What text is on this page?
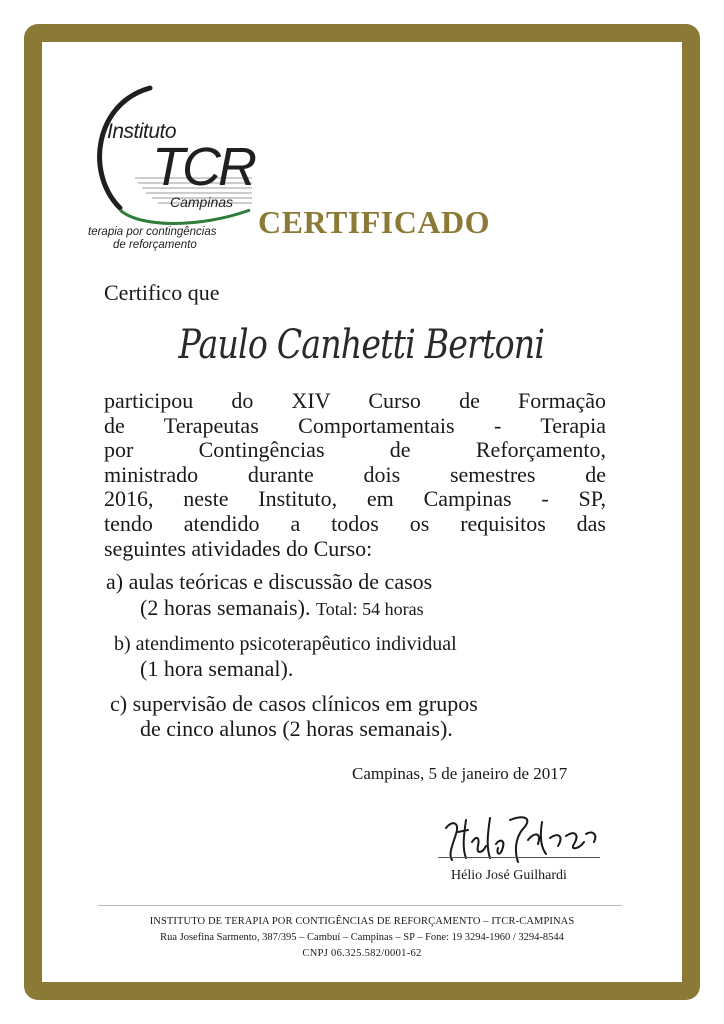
Instituto
TCR
Campinas
terapia por contingências
de reforçamento
CERTIFICADO
Certifico que
Paulo Canhetti Bertoni
participou do XIV Curso de Formação
de Terapeutas Comportamentais - Terapia
por Contingências de Reforçamento,
ministrado durante dois semestres de
2016, neste Instituto, em Campinas - SP,
tendo atendido a todos os requisitos das
seguintes atividades do Curso:
a) aulas teóricas e discussão de casos
(2 horas semanais). Total: 54 horas
b) atendimento psicoterapêutico individual
(1 hora semanal).
c) supervisão de casos clínicos em grupos
de cinco alunos (2 horas semanais).
Campinas, 5 de janeiro de 2017
Hélio José Guilhardi
INSTITUTO DE TERAPIA POR CONTIGÊNCIAS DE REFORÇAMENTO – ITCR-CAMPINAS
Rua Josefina Sarmento, 387/395 – Cambuí – Campinas – SP – Fone: 19 3294-1960 / 3294-8544
CNPJ 06.325.582/0001-62
